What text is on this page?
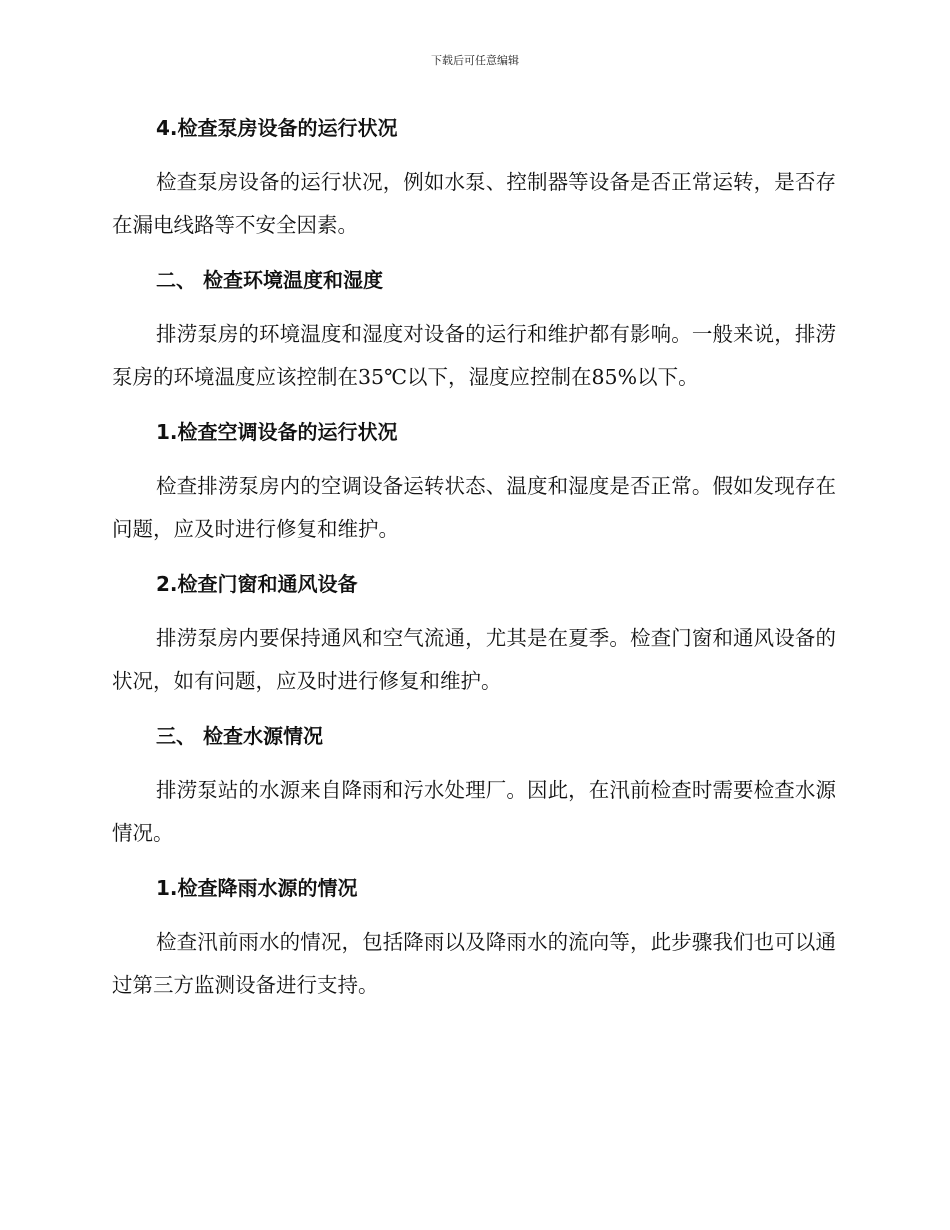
下载后可任意编辑
4.检查泵房设备的运行状况
检查泵房设备的运行状况，例如水泵、控制器等设备是否正常运转，是否存在漏电线路等不安全因素。
二、 检查环境温度和湿度
排涝泵房的环境温度和湿度对设备的运行和维护都有影响。一般来说，排涝泵房的环境温度应该控制在35℃以下，湿度应控制在85%以下。
1.检查空调设备的运行状况
检查排涝泵房内的空调设备运转状态、温度和湿度是否正常。假如发现存在问题，应及时进行修复和维护。
2.检查门窗和通风设备
排涝泵房内要保持通风和空气流通，尤其是在夏季。检查门窗和通风设备的状况，如有问题，应及时进行修复和维护。
三、 检查水源情况
排涝泵站的水源来自降雨和污水处理厂。因此，在汛前检查时需要检查水源情况。
1.检查降雨水源的情况
检查汛前雨水的情况，包括降雨以及降雨水的流向等，此步骤我们也可以通过第三方监测设备进行支持。
